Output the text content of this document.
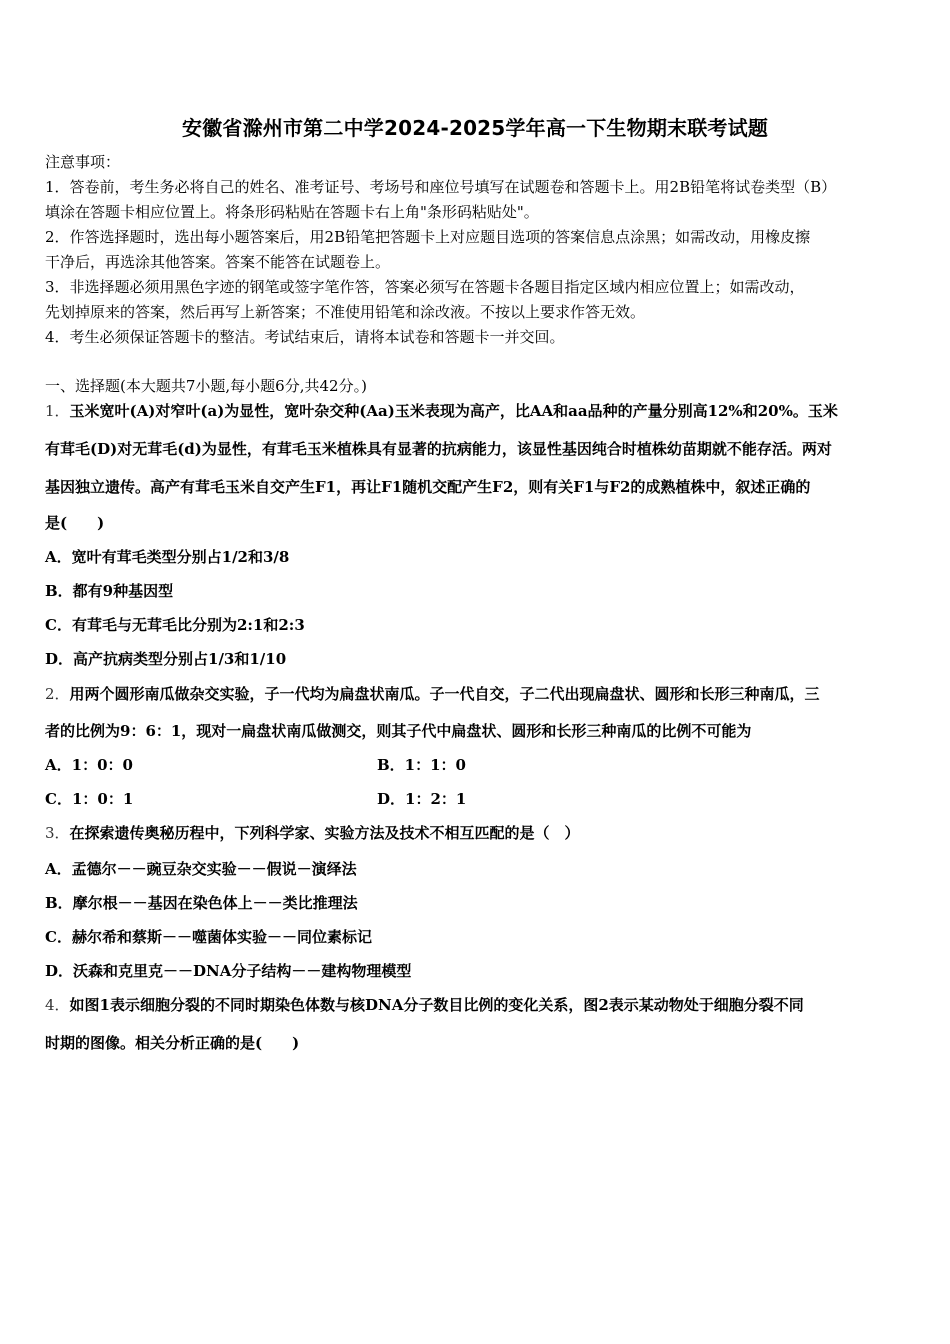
安徽省滁州市第二中学2024-2025学年高一下生物期末联考试题
注意事项：
1．答卷前，考生务必将自己的姓名、准考证号、考场号和座位号填写在试题卷和答题卡上。用2B铅笔将试卷类型（B）
填涂在答题卡相应位置上。将条形码粘贴在答题卡右上角"条形码粘贴处"。
2．作答选择题时，选出每小题答案后，用2B铅笔把答题卡上对应题目选项的答案信息点涂黑；如需改动，用橡皮擦
干净后，再选涂其他答案。答案不能答在试题卷上。
3．非选择题必须用黑色字迹的钢笔或签字笔作答，答案必须写在答题卡各题目指定区域内相应位置上；如需改动，
先划掉原来的答案，然后再写上新答案；不准使用铅笔和涂改液。不按以上要求作答无效。
4．考生必须保证答题卡的整洁。考试结束后，请将本试卷和答题卡一并交回。
一、选择题(本大题共7小题,每小题6分,共42分。)
1．玉米宽叶(A)对窄叶(a)为显性，宽叶杂交种(Aa)玉米表现为高产，比AA和aa品种的产量分别高12%和20%。玉米
有茸毛(D)对无茸毛(d)为显性，有茸毛玉米植株具有显著的抗病能力，该显性基因纯合时植株幼苗期就不能存活。两对
基因独立遗传。高产有茸毛玉米自交产生F1，再让F1随机交配产生F2，则有关F1与F2的成熟植株中，叙述正确的
是(　　)
A．宽叶有茸毛类型分别占1/2和3/8
B．都有9种基因型
C．有茸毛与无茸毛比分别为2:1和2:3
D．高产抗病类型分别占1/3和1/10
2．用两个圆形南瓜做杂交实验，子一代均为扁盘状南瓜。子一代自交，子二代出现扁盘状、圆形和长形三种南瓜，三
者的比例为9：6：1，现对一扁盘状南瓜做测交，则其子代中扁盘状、圆形和长形三种南瓜的比例不可能为
A．1：0：0	B．1：1：0
C．1：0：1	D．1：2：1
3．在探索遗传奥秘历程中，下列科学家、实验方法及技术不相互匹配的是（　）
A．孟德尔－－豌豆杂交实验－－假说－演绎法
B．摩尔根－－基因在染色体上－－类比推理法
C．赫尔希和蔡斯－－噬菌体实验－－同位素标记
D．沃森和克里克－－DNA分子结构－－建构物理模型
4．如图1表示细胞分裂的不同时期染色体数与核DNA分子数目比例的变化关系，图2表示某动物处于细胞分裂不同
时期的图像。相关分析正确的是(　　)
